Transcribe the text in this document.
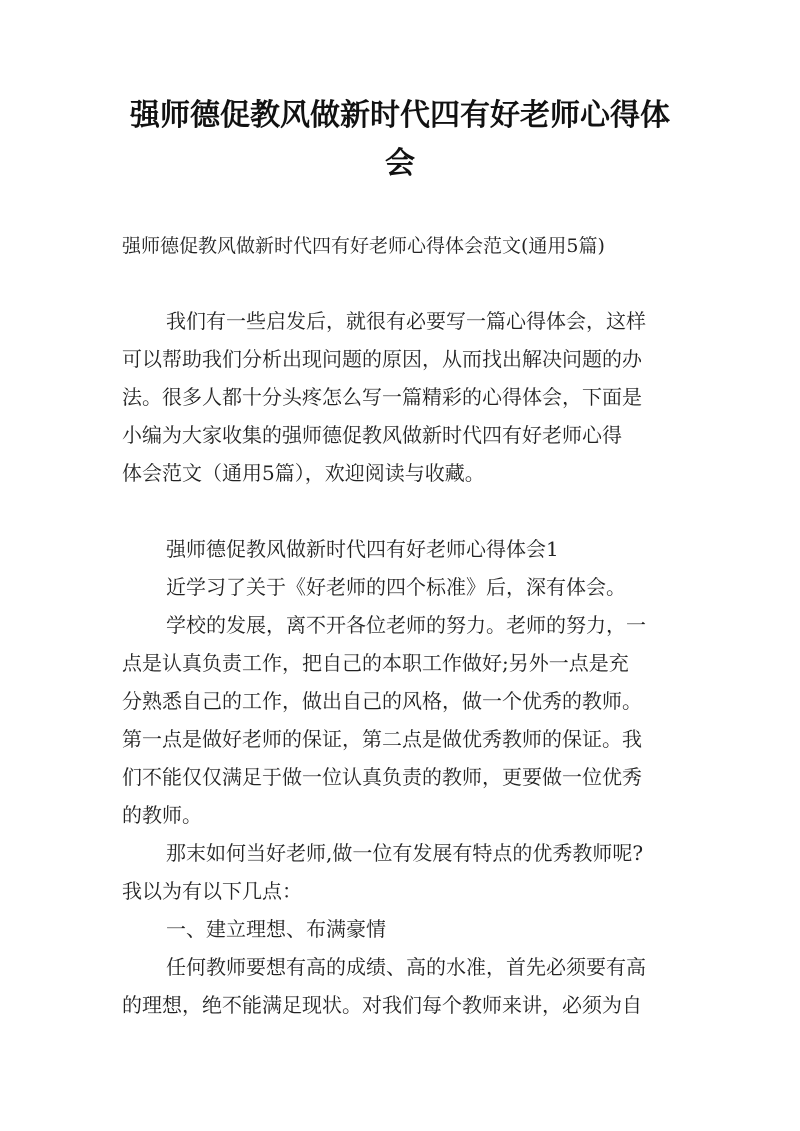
强师德促教风做新时代四有好老师心得体
会
强师德促教风做新时代四有好老师心得体会范文(通用5篇)
我们有一些启发后，就很有必要写一篇心得体会，这样
可以帮助我们分析出现问题的原因，从而找出解决问题的办
法。很多人都十分头疼怎么写一篇精彩的心得体会，下面是
小编为大家收集的强师德促教风做新时代四有好老师心得
体会范文（通用5篇），欢迎阅读与收藏。
强师德促教风做新时代四有好老师心得体会1
近学习了关于《好老师的四个标准》后，深有体会。
学校的发展，离不开各位老师的努力。老师的努力，一
点是认真负责工作，把自己的本职工作做好;另外一点是充
分熟悉自己的工作，做出自己的风格，做一个优秀的教师。
第一点是做好老师的保证，第二点是做优秀教师的保证。我
们不能仅仅满足于做一位认真负责的教师，更要做一位优秀
的教师。
那末如何当好老师,做一位有发展有特点的优秀教师呢?
我以为有以下几点：
一、建立理想、布满豪情
任何教师要想有高的成绩、高的水准，首先必须要有高
的理想，绝不能满足现状。对我们每个教师来讲，必须为自
